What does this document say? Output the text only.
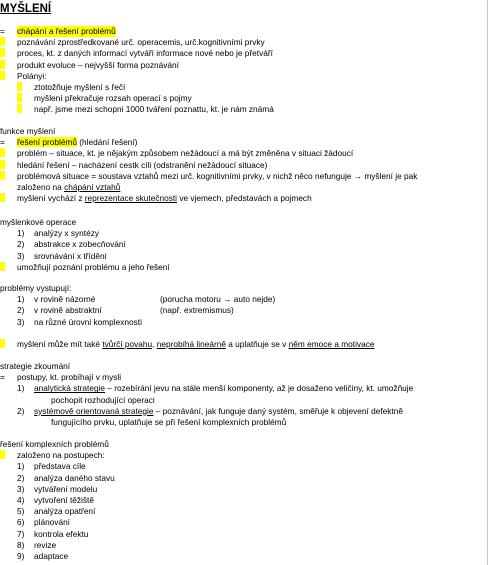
MYŠLENÍ
=	chápání a řešení problémů
poznávání zprostředkované urč. operacemis, urč.kognitivními prvky
proces, kt. z daných informací vytváří informace nové nebo je přetváří
produkt evoluce – nejvyšší forma poznávání
Polányi:
ztotožňuje myšlení s řečí
myšlení překračuje rozsah operací s pojmy
např. jsme mezi schopni 1000 tváření poznattu, kt. je nám známá
funkce myšlení
=	řešení problémů (hledání řešení)
problém – situace, kt. je nějakým způsobem nežádoucí a má být změněna v situaci žádoucí
hledání řešení – nacházení cestk cíli (odstranění nežádoucí situace)
problémová situace = soustava vztahů mezi urč. kognitivními prvky, v nichž něco nefunguje → myšlení je pak
založeno na chápání vztahů
myšlení vychází z reprezentace skutečnosti ve vjemech, představách a pojmech
myšlenkové operace
1)	analýzy x syntézy
2)	abstrakce x zobecňování
3)	srovnávání x třídění
umožňují poznání problému a jeho řešení
problémy vystupují:
1)	v rovině názorné	(porucha motoru → auto nejde)
2)	v rovině abstraktní	(např. extremismus)
3)	na různé úrovni komplexnosti
myšlení může mít také tvůrčí povahu, neprobíhá lineárně a uplatňuje se v něm emoce a motivace
strategie zkoumání
=	postupy, kt. probíhají v mysli
1)	analytická strategie – rozebírání jevu na stále menší komponenty, až je dosaženo veličiny, kt. umožňuje
pochopit rozhodující operaci
2)	systémově orientovaná strategie – poznávání, jak funguje daný systém, směřuje k objevení defektně
fungujícího prvku, uplatňuje se při řešení komplexních problémů
řešení komplexních problémů
založeno na postupech:
1)	představa cíle
2)	analýza daného stavu
3)	vytváření modelu
4)	vytvoření těžiště
5)	analýza opatření
6)	plánování
7)	kontrola efektu
8)	revize
9)	adaptace
